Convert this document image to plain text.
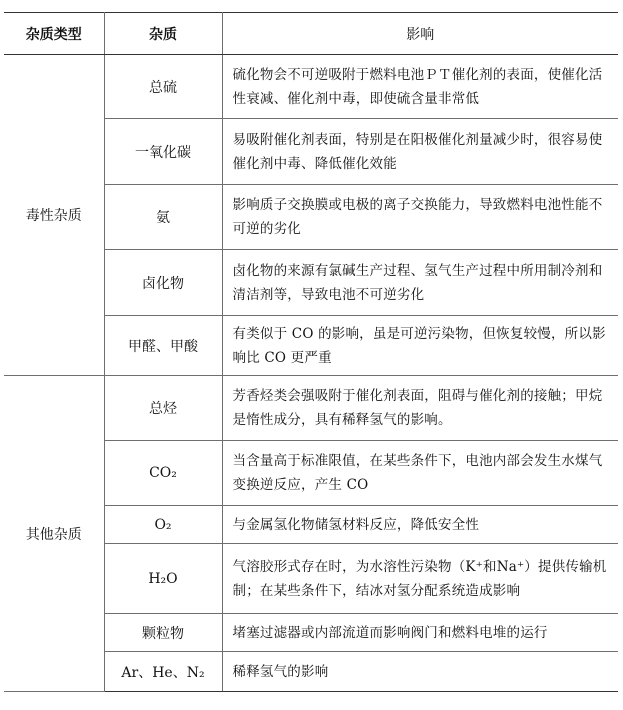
杂质类型	杂质	影响
毒性杂质	总硫	硫化物会不可逆吸附于燃料电池ＰＴ催化剂的表面，使催化活性衰减、催化剂中毒，即使硫含量非常低
	一氧化碳	易吸附催化剂表面，特别是在阳极催化剂量减少时，很容易使催化剂中毒、降低催化效能
	氨	影响质子交换膜或电极的离子交换能力，导致燃料电池性能不可逆的劣化
	卤化物	卤化物的来源有氯碱生产过程、氢气生产过程中所用制冷剂和清洁剂等，导致电池不可逆劣化
	甲醛、甲酸	有类似于 CO 的影响，虽是可逆污染物，但恢复较慢，所以影响比 CO 更严重
其他杂质	总烃	芳香烃类会强吸附于催化剂表面，阻碍与催化剂的接触；甲烷是惰性成分，具有稀释氢气的影响。
	CO₂	当含量高于标准限值，在某些条件下，电池内部会发生水煤气变换逆反应，产生 CO
	O₂	与金属氢化物储氢材料反应，降低安全性
	H₂O	气溶胶形式存在时，为水溶性污染物（K⁺和Na⁺）提供传输机制；在某些条件下，结冰对氢分配系统造成影响
	颗粒物	堵塞过滤器或内部流道而影响阀门和燃料电堆的运行
	Ar、He、N₂	稀释氢气的影响
